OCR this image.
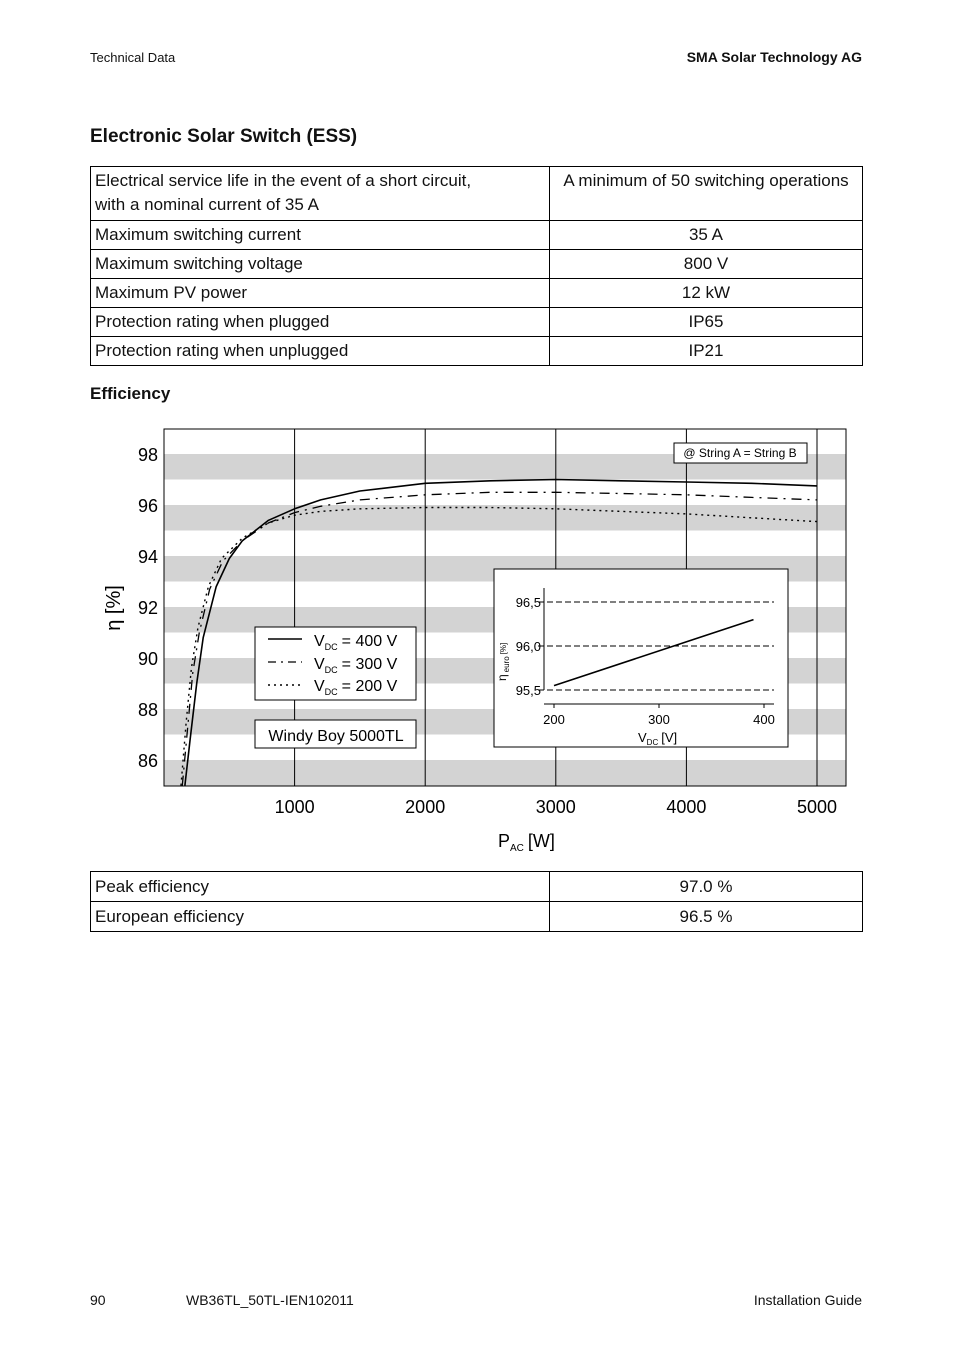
Technical Data	SMA Solar Technology AG
Electronic Solar Switch (ESS)
Electrical service life in the event of a short circuit,
with a nominal current of 35 A	A minimum of 50 switching operations
Maximum switching current	35 A
Maximum switching voltage	800 V
Maximum PV power	12 kW
Protection rating when plugged	IP65
Protection rating when unplugged	IP21
Efficiency
86
88
90
92
94
96
98
1000	2000	3000	4000	5000
η [%]
$P_{AC}$ [W]
@ String A = String B
$V_{DC} = 400$ V
$V_{DC} = 300$ V
$V_{DC} = 200$ V
Windy Boy 5000TL
96,5
96,0
95,5
200	300	400
$V_{DC}$ [V]
$\eta_{euro}[\%]$
Peak efficiency	97.0 %
European efficiency	96.5 %
90	WB36TL_50TL-IEN102011	Installation Guide
